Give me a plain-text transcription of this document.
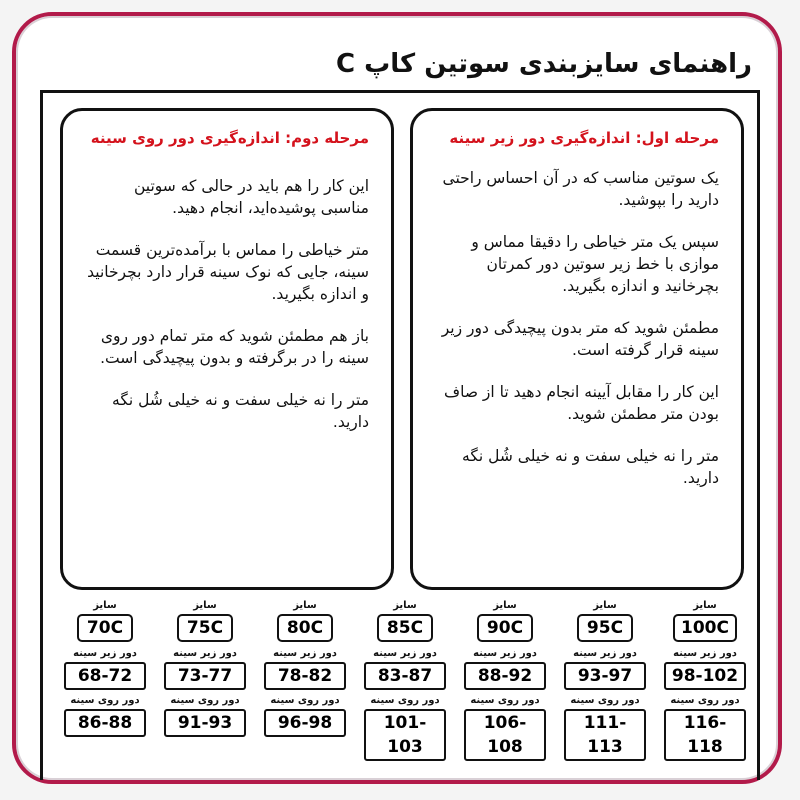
راهنمای سایزبندی سوتین کاپ C
مرحله اول: اندازه‌گیری دور زیر سینه
یک سوتین مناسب که در آن احساس راحتی دارید را بپوشید.
سپس یک متر خیاطی را دقیقا مماس و موازی با خط زیر سوتین دور کمرتان بچرخانید و اندازه بگیرید.
مطمئن شوید که متر بدون پیچیدگی دور زیر سینه قرار گرفته است.
این کار را مقابل آیینه انجام دهید تا از صاف بودن متر مطمئن شوید.
متر را نه خیلی سفت و نه خیلی شُل نگه دارید.
مرحله دوم: اندازه‌گیری دور روی سینه
این کار را هم باید در حالی که سوتین مناسبی پوشیده‌اید، انجام دهید.
متر خیاطی را مماس با برآمده‌ترین قسمت سینه، جایی که نوک سینه قرار دارد بچرخانید و اندازه بگیرید.
باز هم مطمئن شوید که متر تمام دور روی سینه را در برگرفته و بدون پیچیدگی است.
متر را نه خیلی سفت و نه خیلی شُل نگه دارید.
سایز
100C
دور زیر سینه
98-102
دور روی سینه
116-118
سایز
95C
دور زیر سینه
93-97
دور روی سینه
111-113
سایز
90C
دور زیر سینه
88-92
دور روی سینه
106-108
سایز
85C
دور زیر سینه
83-87
دور روی سینه
101-103
سایز
80C
دور زیر سینه
78-82
دور روی سینه
96-98
سایز
75C
دور زیر سینه
73-77
دور روی سینه
91-93
سایز
70C
دور زیر سینه
68-72
دور روی سینه
86-88
